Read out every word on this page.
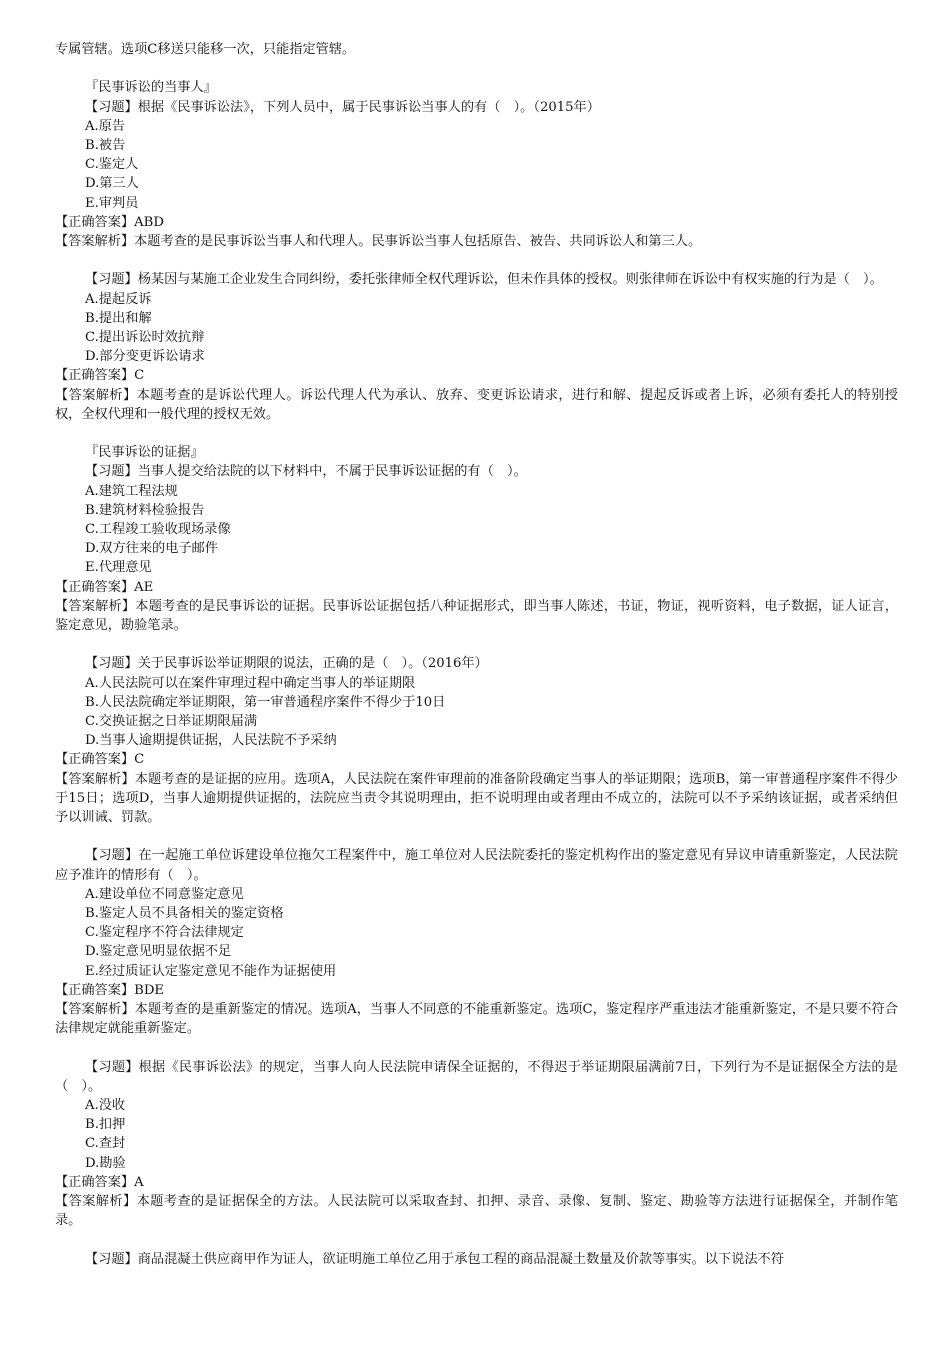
专属管辖。选项C移送只能移一次，只能指定管辖。

『民事诉讼的当事人』

【习题】根据《民事诉讼法》，下列人员中，属于民事诉讼当事人的有（　）。（2015年）

A.原告

B.被告

C.鉴定人

D.第三人

E.审判员

【正确答案】ABD

【答案解析】本题考查的是民事诉讼当事人和代理人。民事诉讼当事人包括原告、被告、共同诉讼人和第三人。

【习题】杨某因与某施工企业发生合同纠纷，委托张律师全权代理诉讼，但未作具体的授权。则张律师在诉讼中有权实施的行为是（　）。

A.提起反诉

B.提出和解

C.提出诉讼时效抗辩

D.部分变更诉讼请求

【正确答案】C

【答案解析】本题考查的是诉讼代理人。诉讼代理人代为承认、放弃、变更诉讼请求，进行和解、提起反诉或者上诉，必须有委托人的特别授权，全权代理和一般代理的授权无效。

『民事诉讼的证据』

【习题】当事人提交给法院的以下材料中，不属于民事诉讼证据的有（　）。

A.建筑工程法规

B.建筑材料检验报告

C.工程竣工验收现场录像

D.双方往来的电子邮件

E.代理意见

【正确答案】AE

【答案解析】本题考查的是民事诉讼的证据。民事诉讼证据包括八种证据形式，即当事人陈述，书证，物证，视听资料，电子数据，证人证言，鉴定意见，勘验笔录。

【习题】关于民事诉讼举证期限的说法，正确的是（　）。（2016年）

A.人民法院可以在案件审理过程中确定当事人的举证期限

B.人民法院确定举证期限，第一审普通程序案件不得少于10日

C.交换证据之日举证期限届满

D.当事人逾期提供证据，人民法院不予采纳

【正确答案】C

【答案解析】本题考查的是证据的应用。选项A，人民法院在案件审理前的准备阶段确定当事人的举证期限；选项B，第一审普通程序案件不得少于15日；选项D，当事人逾期提供证据的，法院应当责令其说明理由，拒不说明理由或者理由不成立的，法院可以不予采纳该证据，或者采纳但予以训诫、罚款。

【习题】在一起施工单位诉建设单位拖欠工程案件中，施工单位对人民法院委托的鉴定机构作出的鉴定意见有异议申请重新鉴定，人民法院应予准许的情形有（　）。

A.建设单位不同意鉴定意见

B.鉴定人员不具备相关的鉴定资格

C.鉴定程序不符合法律规定

D.鉴定意见明显依据不足

E.经过质证认定鉴定意见不能作为证据使用

【正确答案】BDE

【答案解析】本题考查的是重新鉴定的情况。选项A，当事人不同意的不能重新鉴定。选项C，鉴定程序严重违法才能重新鉴定，不是只要不符合法律规定就能重新鉴定。

【习题】根据《民事诉讼法》的规定，当事人向人民法院申请保全证据的，不得迟于举证期限届满前7日，下列行为不是证据保全方法的是（　）。

A.没收

B.扣押

C.查封

D.勘验

【正确答案】A

【答案解析】本题考查的是证据保全的方法。人民法院可以采取查封、扣押、录音、录像、复制、鉴定、勘验等方法进行证据保全，并制作笔录。

【习题】商品混凝土供应商甲作为证人，欲证明施工单位乙用于承包工程的商品混凝土数量及价款等事实。以下说法不符
